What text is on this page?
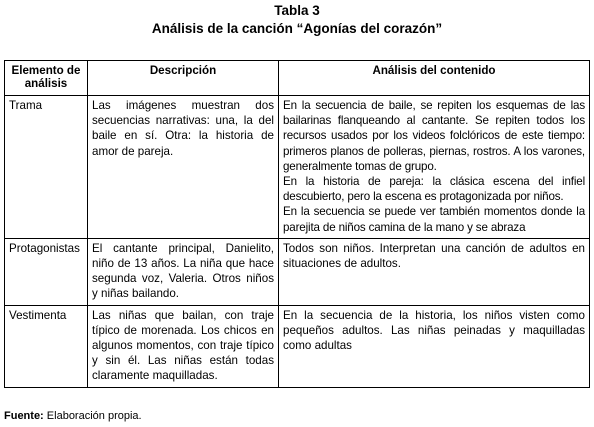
Tabla 3
Análisis de la canción “Agonías del corazón”
Elemento de análisis	Descripción	Análisis del contenido
Trama	Las imágenes muestran dos secuencias narrativas: una, la del baile en sí. Otra: la historia de amor de pareja.	En la secuencia de baile, se repiten los esquemas de las bailarinas flanqueando al cantante. Se repiten todos los recursos usados por los videos folclóricos de este tiempo: primeros planos de polleras, piernas, rostros. A los varones, generalmente tomas de grupo.
En la historia de pareja: la clásica escena del infiel descubierto, pero la escena es protagonizada por niños.
En la secuencia se puede ver también momentos donde la parejita de niños camina de la mano y se abraza

Protagonistas	El cantante principal, Danielito, niño de 13 años. La niña que hace segunda voz, Valeria. Otros niños y niñas bailando.	Todos son niños. Interpretan una canción de adultos en situaciones de adultos.

Vestimenta	Las niñas que bailan, con traje típico de morenada. Los chicos en algunos momentos, con traje típico y sin él. Las niñas están todas claramente maquilladas.	En la secuencia de la historia, los niños visten como pequeños adultos. Las niñas peinadas y maquilladas como adultas
Fuente: Elaboración propia.
